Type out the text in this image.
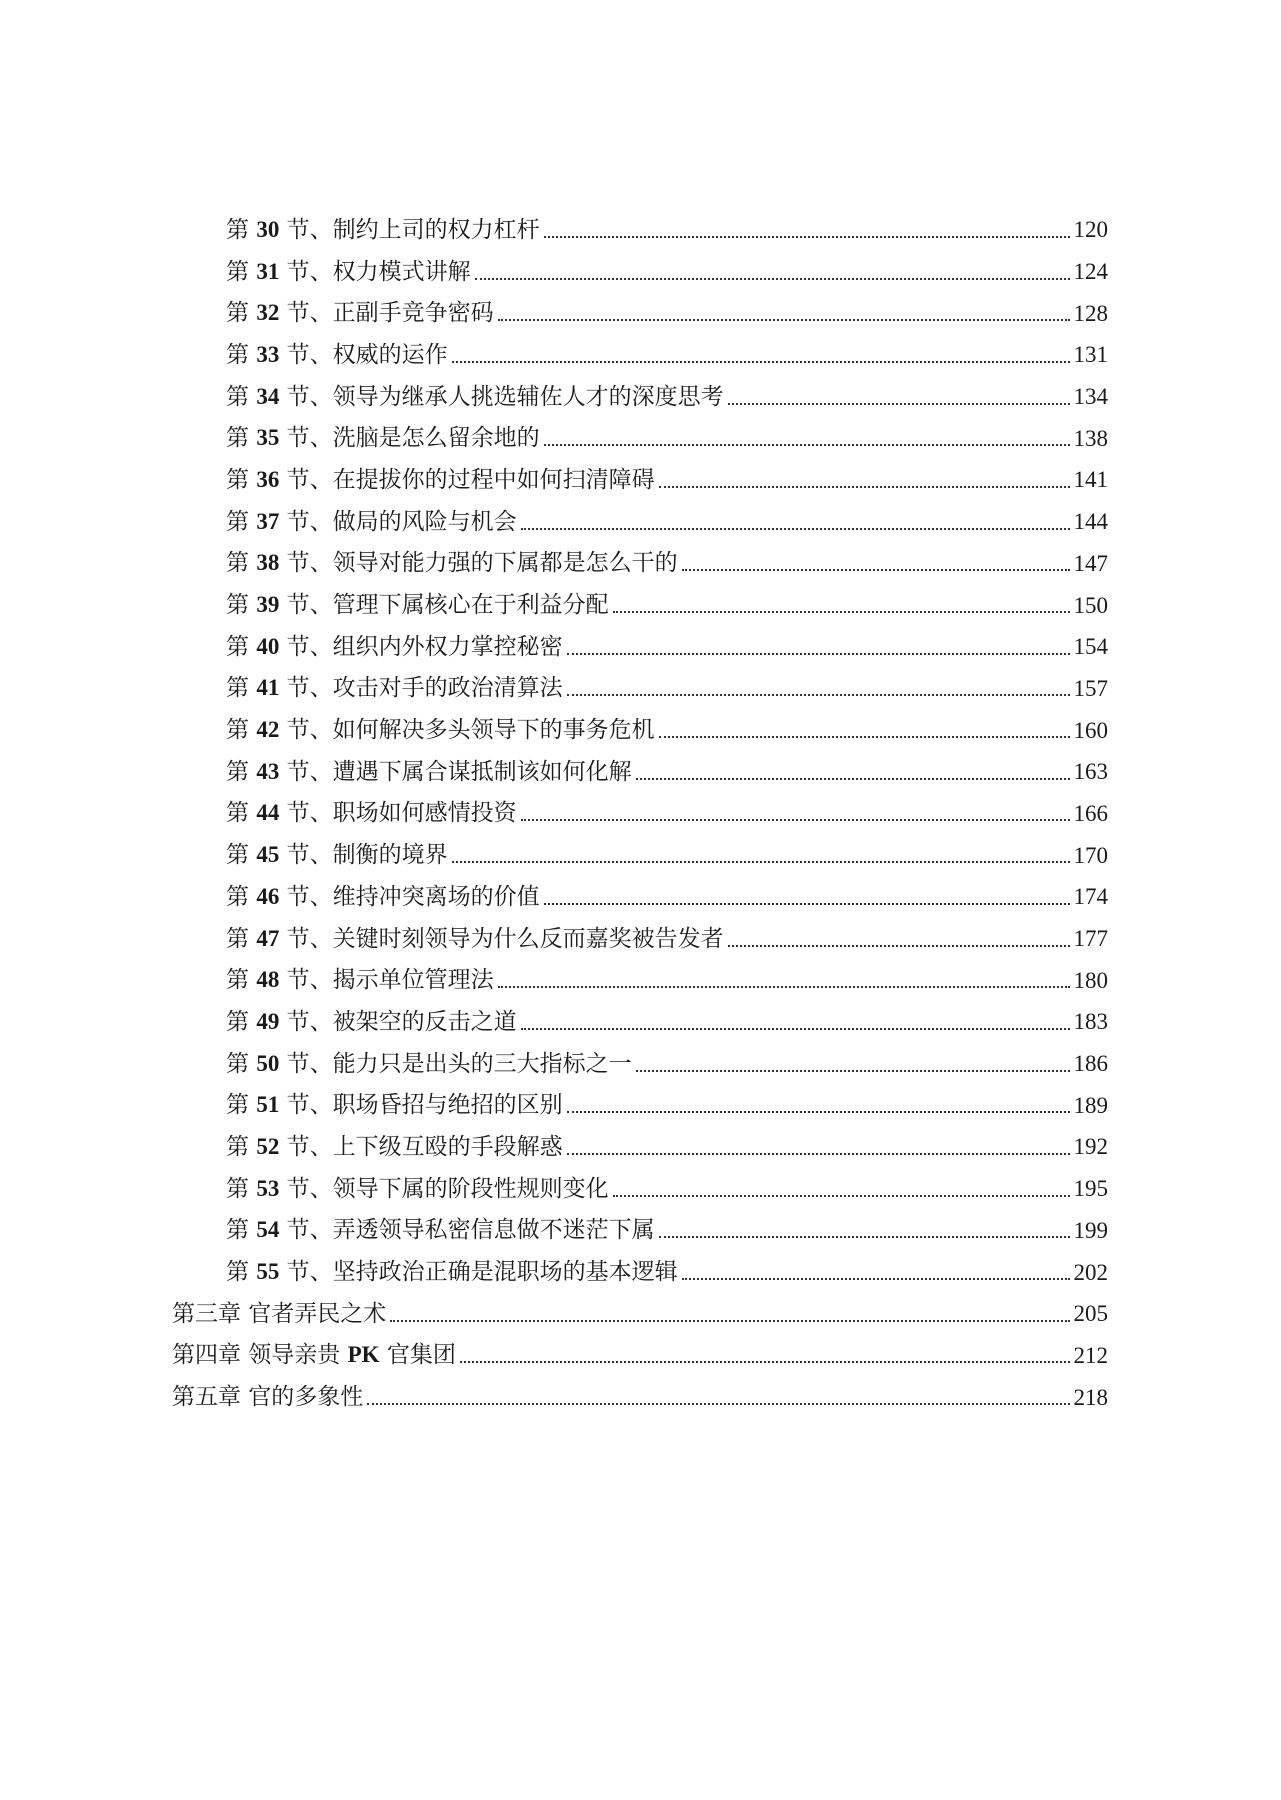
第 30 节、制约上司的权力杠杆	120
第 31 节、权力模式讲解	124
第 32 节、正副手竞争密码	128
第 33 节、权威的运作	131
第 34 节、领导为继承人挑选辅佐人才的深度思考	134
第 35 节、洗脑是怎么留余地的	138
第 36 节、在提拔你的过程中如何扫清障碍	141
第 37 节、做局的风险与机会	144
第 38 节、领导对能力强的下属都是怎么干的	147
第 39 节、管理下属核心在于利益分配	150
第 40 节、组织内外权力掌控秘密	154
第 41 节、攻击对手的政治清算法	157
第 42 节、如何解决多头领导下的事务危机	160
第 43 节、遭遇下属合谋抵制该如何化解	163
第 44 节、职场如何感情投资	166
第 45 节、制衡的境界	170
第 46 节、维持冲突离场的价值	174
第 47 节、关键时刻领导为什么反而嘉奖被告发者	177
第 48 节、揭示单位管理法	180
第 49 节、被架空的反击之道	183
第 50 节、能力只是出头的三大指标之一	186
第 51 节、职场昏招与绝招的区别	189
第 52 节、上下级互殴的手段解惑	192
第 53 节、领导下属的阶段性规则变化	195
第 54 节、弄透领导私密信息做不迷茫下属	199
第 55 节、坚持政治正确是混职场的基本逻辑	202
第三章 官者弄民之术	205
第四章 领导亲贵 PK 官集团	212
第五章 官的多象性	218
